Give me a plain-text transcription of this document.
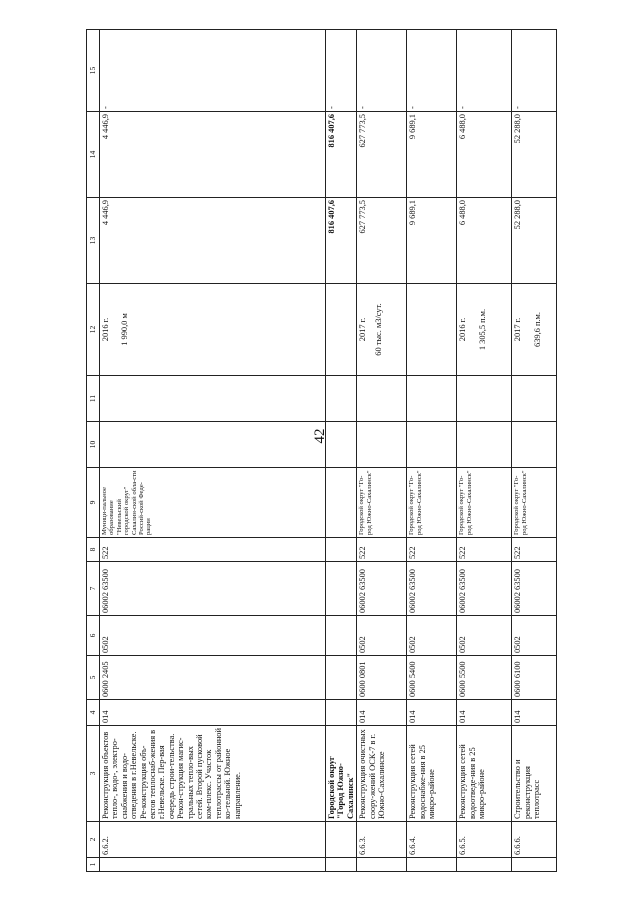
42
1	2	3	4	5	6	7	8	9	10	11	12	13	14	15
	6.6.2.	Реконструкция объектов тепло-, водо-, электро-снабжения и водо-отведения в г.Невельске. Ре-конструкция объ-ектов теплоснаб-жения в г.Невельске. Пер-вая очередь строи-тельства. Рекон-струкция магис-тральных тепло-вых сетей. Второй пусковой ком-плекс. Участок теплотрассы от районной ко-тельной. Южное направление.	014	0600 2405	0502	06002 63500	522	Муници-пальное образование "Невельский городской округ" Сахалин-ской обла-сти Россий-ской Феде-рации			2016 г. 1 990,0 м	4 446,9	4 446,9	-
		Городской округ "Город Южно-Сахалинск"										816 407,6	816 407,6	-
	6.6.3.	Реконструкция очистных соору-жений ОСК-7 в г. Южно-Сахалинске	014	0600 0801	0502	06002 63500	522	Городской округ "Го-род Южно-Сахалинск"			2017 г. 60 тыс. м3/сут.	627 773,5	627 773,5	-
	6.6.4.	Реконструкция сетей водоснабже-ния в 25 микро-районе	014	0600 5400	0502	06002 63500	522	Городской округ "Го-род Южно-Сахалинск"				9 689,1	9 689,1	-
	6.6.5.	Реконструкция сетей водоотведе-ния в 25 микро-районе	014	0600 5500	0502	06002 63500	522	Городской округ "Го-род Южно-Сахалинск"			2016 г. 1 305,5 п.м.	6 488,0	6 488,0	-
	6.6.6.	Строительство и реконструкция теплотрасс	014	0600 6100	0502	06002 63500	522	Городской округ "Го-род Южно-Сахалинск"			2017 г. 639,6 п.м.	52 288,0	52 288,0	-
